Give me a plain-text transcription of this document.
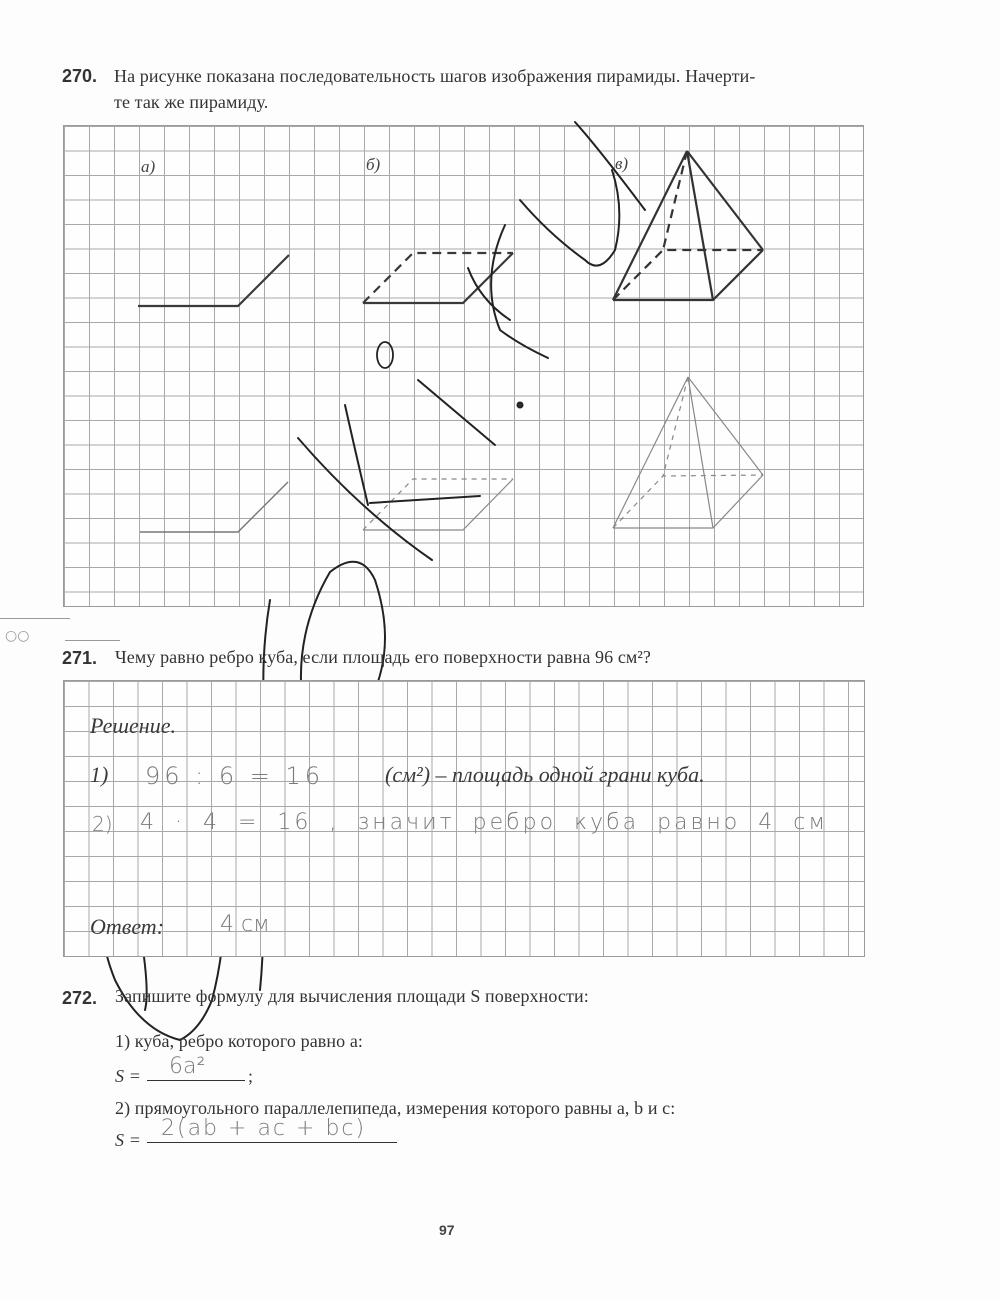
270. На рисунке показана последовательность шагов изображения пирамиды. Начерти-
те так же пирамиду.
а)	б)	в)
○○
271. Чему равно ребро куба, если площадь его поверхности равна 96 см²?
Решение.
1) 96 : 6 = 16	(см²) – площадь одной грани куба.
2) 4 · 4 = 16 , значит ребро куба равно 4 см
Ответ:	4 см
272. Запишите формулу для вычисления площади S поверхности:
1) куба, ребро которого равно a:
S = 6a² ;
2) прямоугольного параллелепипеда, измерения которого равны a, b и c:
S = 2(ab + ac + bc)
97
